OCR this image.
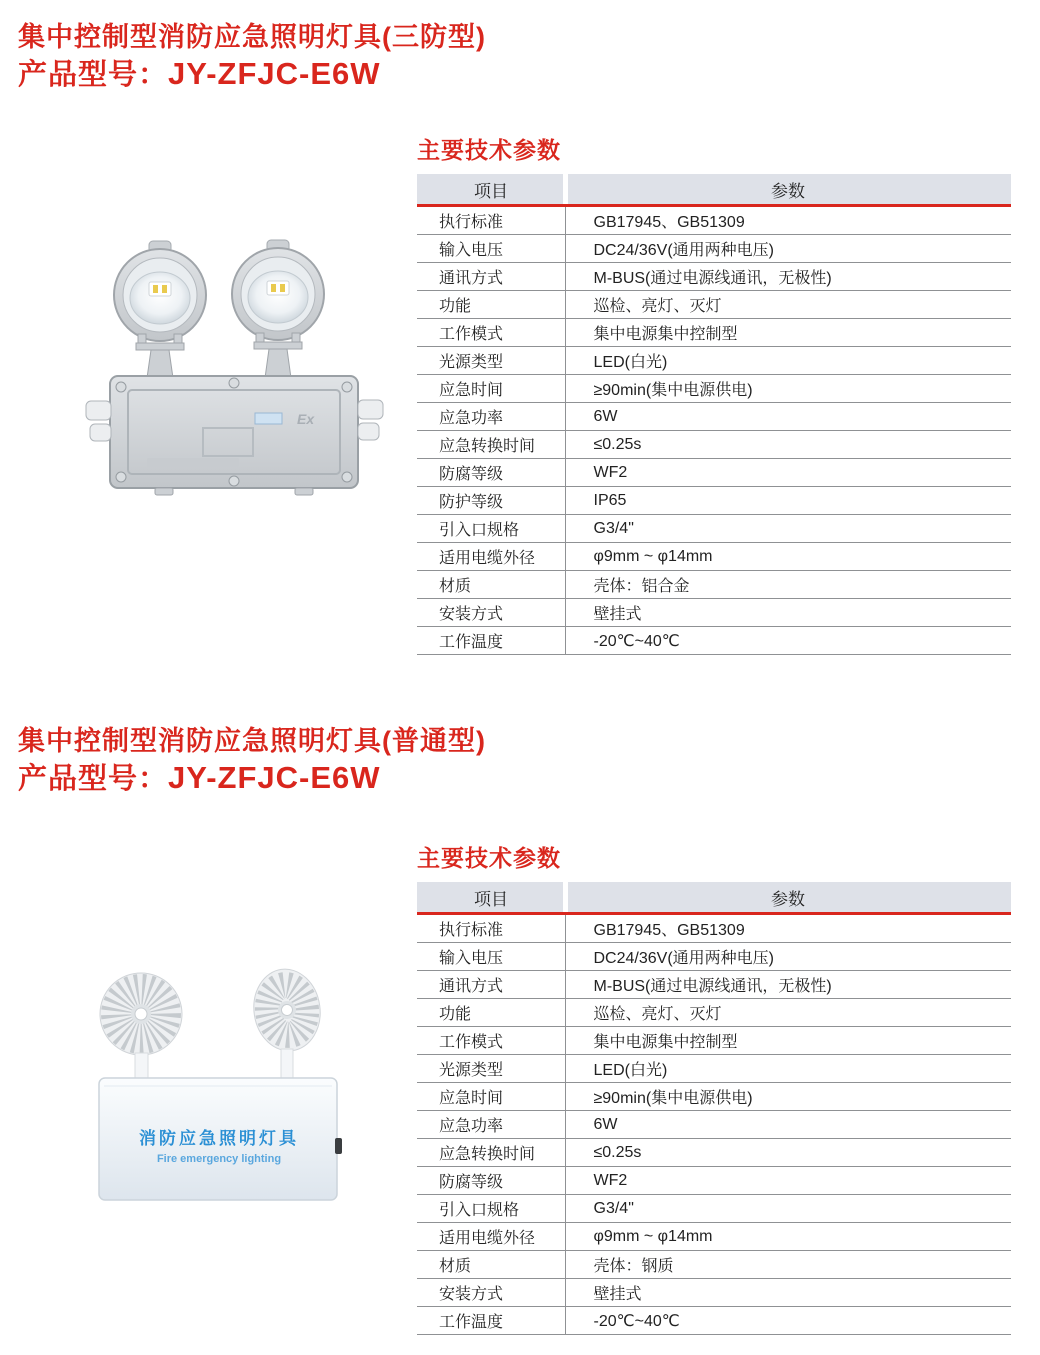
集中控制型消防应急照明灯具(三防型)
产品型号：JY-ZFJC-E6W
Ex
主要技术参数
项目	参数
执行标准	GB17945、GB51309
输入电压	DC24/36V(通用两种电压)
通讯方式	M-BUS(通过电源线通讯，无极性)
功能	巡检、亮灯、灭灯
工作模式	集中电源集中控制型
光源类型	LED(白光)
应急时间	≥90min(集中电源供电)
应急功率	6W
应急转换时间	≤0.25s
防腐等级	WF2
防护等级	IP65
引入口规格	G3/4"
适用电缆外径	φ9mm ~ φ14mm
材质	壳体：铝合金
安装方式	壁挂式
工作温度	-20℃~40℃
集中控制型消防应急照明灯具(普通型)
产品型号：JY-ZFJC-E6W
消防应急照明灯具
Fire emergency lighting
主要技术参数
项目	参数
执行标准	GB17945、GB51309
输入电压	DC24/36V(通用两种电压)
通讯方式	M-BUS(通过电源线通讯，无极性)
功能	巡检、亮灯、灭灯
工作模式	集中电源集中控制型
光源类型	LED(白光)
应急时间	≥90min(集中电源供电)
应急功率	6W
应急转换时间	≤0.25s
防腐等级	WF2
引入口规格	G3/4"
适用电缆外径	φ9mm ~ φ14mm
材质	壳体：钢质
安装方式	壁挂式
工作温度	-20℃~40℃
